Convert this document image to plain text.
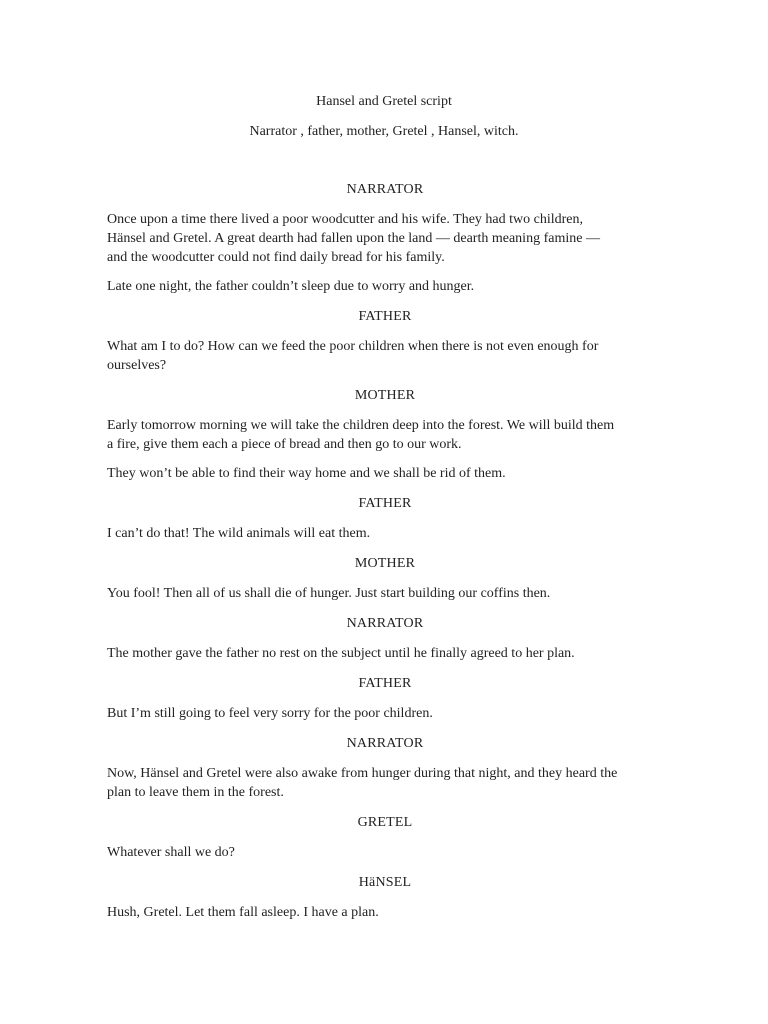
Hansel and Gretel script
Narrator , father, mother, Gretel , Hansel, witch.
NARRATOR
Once upon a time there lived a poor woodcutter and his wife. They had two children,
Hänsel and Gretel. A great dearth had fallen upon the land — dearth meaning famine —
and the woodcutter could not find daily bread for his family.
Late one night, the father couldn’t sleep due to worry and hunger.
FATHER
What am I to do? How can we feed the poor children when there is not even enough for
ourselves?
MOTHER
Early tomorrow morning we will take the children deep into the forest. We will build them
a fire, give them each a piece of bread and then go to our work.
They won’t be able to find their way home and we shall be rid of them.
FATHER
I can’t do that! The wild animals will eat them.
MOTHER
You fool! Then all of us shall die of hunger. Just start building our coffins then.
NARRATOR
The mother gave the father no rest on the subject until he finally agreed to her plan.
FATHER
But I’m still going to feel very sorry for the poor children.
NARRATOR
Now, Hänsel and Gretel were also awake from hunger during that night, and they heard the
plan to leave them in the forest.
GRETEL
Whatever shall we do?
HäNSEL
Hush, Gretel. Let them fall asleep. I have a plan.
